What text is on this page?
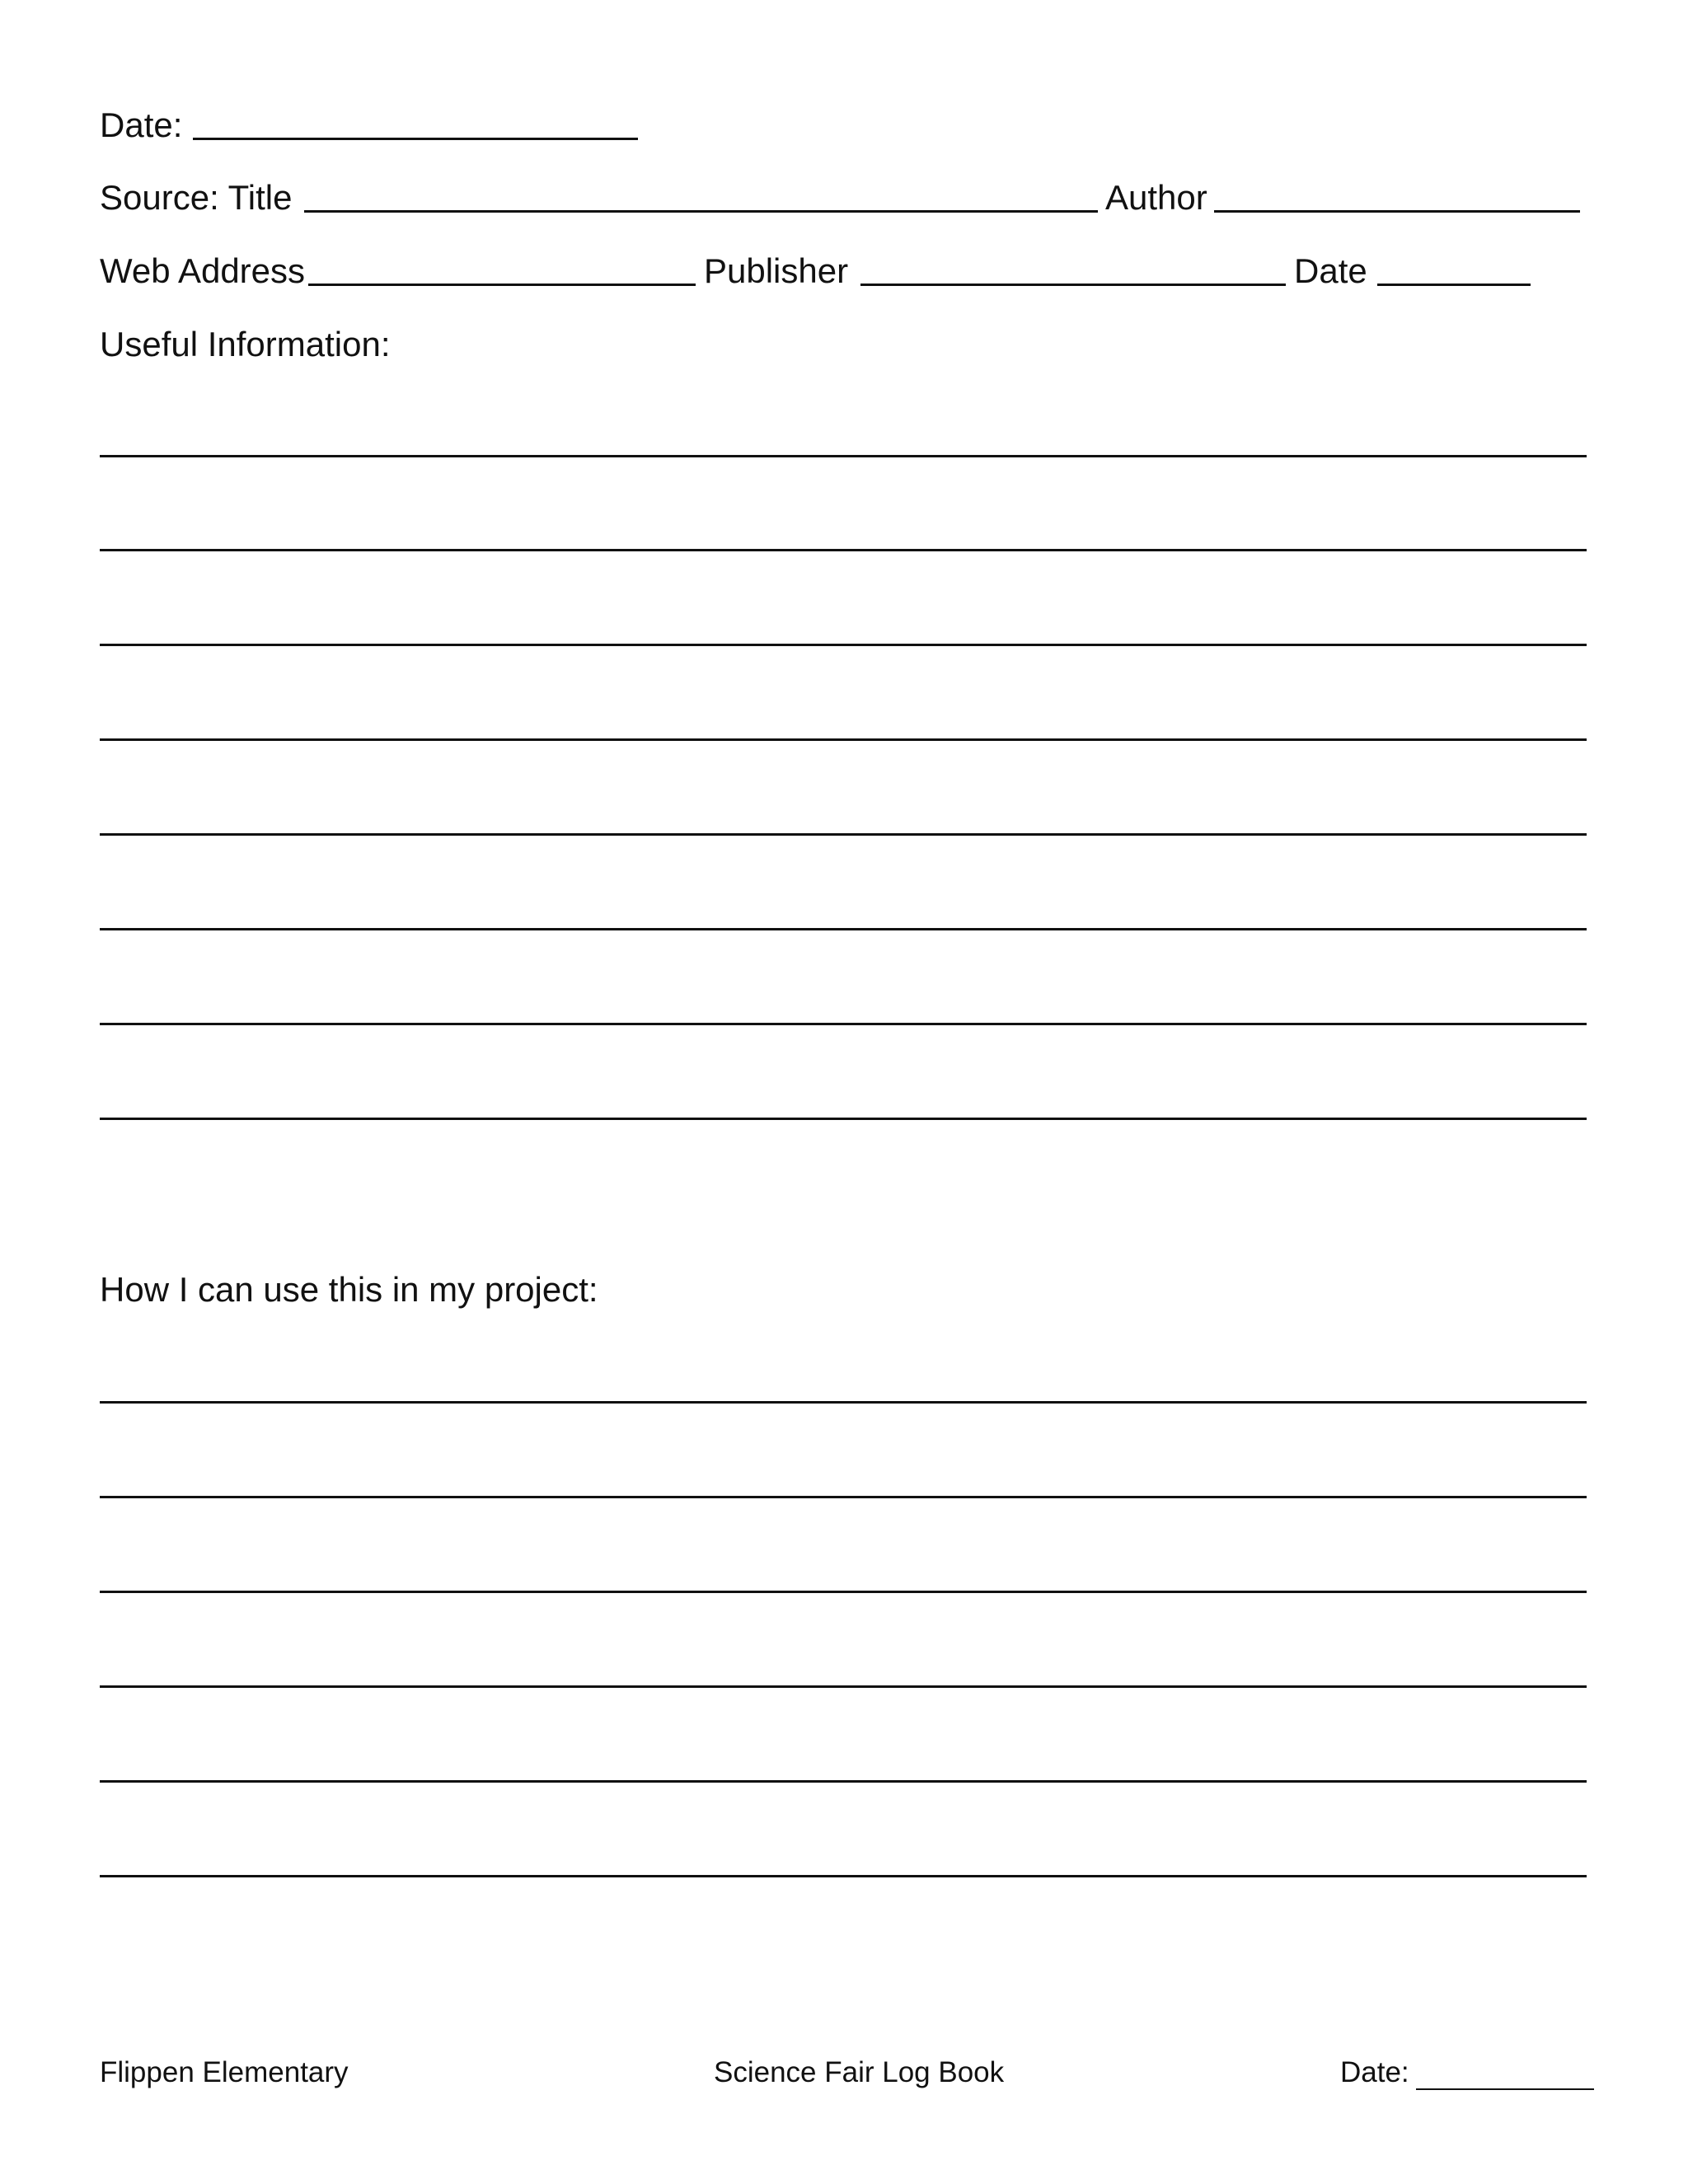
Date:
Source: Title	Author
Web Address	Publisher	Date
Useful Information:
How I can use this in my project:
Flippen Elementary	Science Fair Log Book	Date:
